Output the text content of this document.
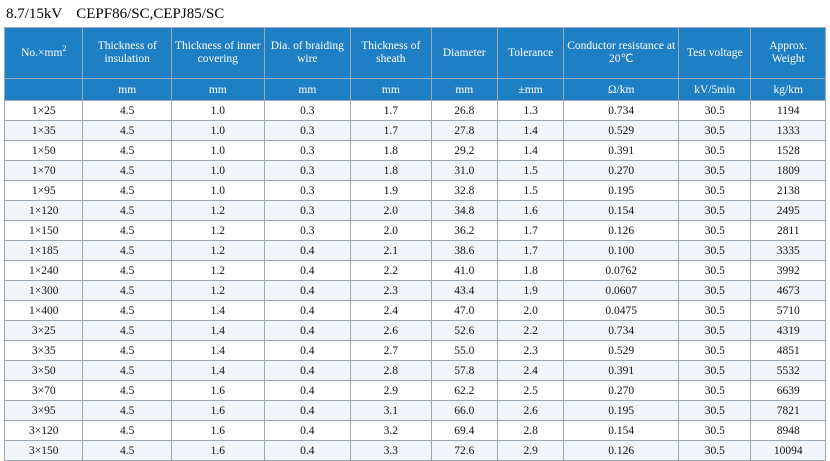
8.7/15kV CEPF86/SC,CEPJ85/SC
$No.\times mm^2$	Thickness of insulation	Thickness of inner covering	Dia. of braiding wire	Thickness of sheath	Diameter	Tolerance	Conductor resistance at 20℃	Test voltage	Approx. Weight
	mm	mm	mm	mm	mm	±mm	Ω/km	kV/5min	kg/km
1×25	4.5	1.0	0.3	1.7	26.8	1.3	0.734	30.5	1194
1×35	4.5	1.0	0.3	1.7	27.8	1.4	0.529	30.5	1333
1×50	4.5	1.0	0.3	1.8	29.2	1.4	0.391	30.5	1528
1×70	4.5	1.0	0.3	1.8	31.0	1.5	0.270	30.5	1809
1×95	4.5	1.0	0.3	1.9	32.8	1.5	0.195	30.5	2138
1×120	4.5	1.2	0.3	2.0	34.8	1.6	0.154	30.5	2495
1×150	4.5	1.2	0.3	2.0	36.2	1.7	0.126	30.5	2811
1×185	4.5	1.2	0.4	2.1	38.6	1.7	0.100	30.5	3335
1×240	4.5	1.2	0.4	2.2	41.0	1.8	0.0762	30.5	3992
1×300	4.5	1.2	0.4	2.3	43.4	1.9	0.0607	30.5	4673
1×400	4.5	1.4	0.4	2.4	47.0	2.0	0.0475	30.5	5710
3×25	4.5	1.4	0.4	2.6	52.6	2.2	0.734	30.5	4319
3×35	4.5	1.4	0.4	2.7	55.0	2.3	0.529	30.5	4851
3×50	4.5	1.4	0.4	2.8	57.8	2.4	0.391	30.5	5532
3×70	4.5	1.6	0.4	2.9	62.2	2.5	0.270	30.5	6639
3×95	4.5	1.6	0.4	3.1	66.0	2.6	0.195	30.5	7821
3×120	4.5	1.6	0.4	3.2	69.4	2.8	0.154	30.5	8948
3×150	4.5	1.6	0.4	3.3	72.6	2.9	0.126	30.5	10094
